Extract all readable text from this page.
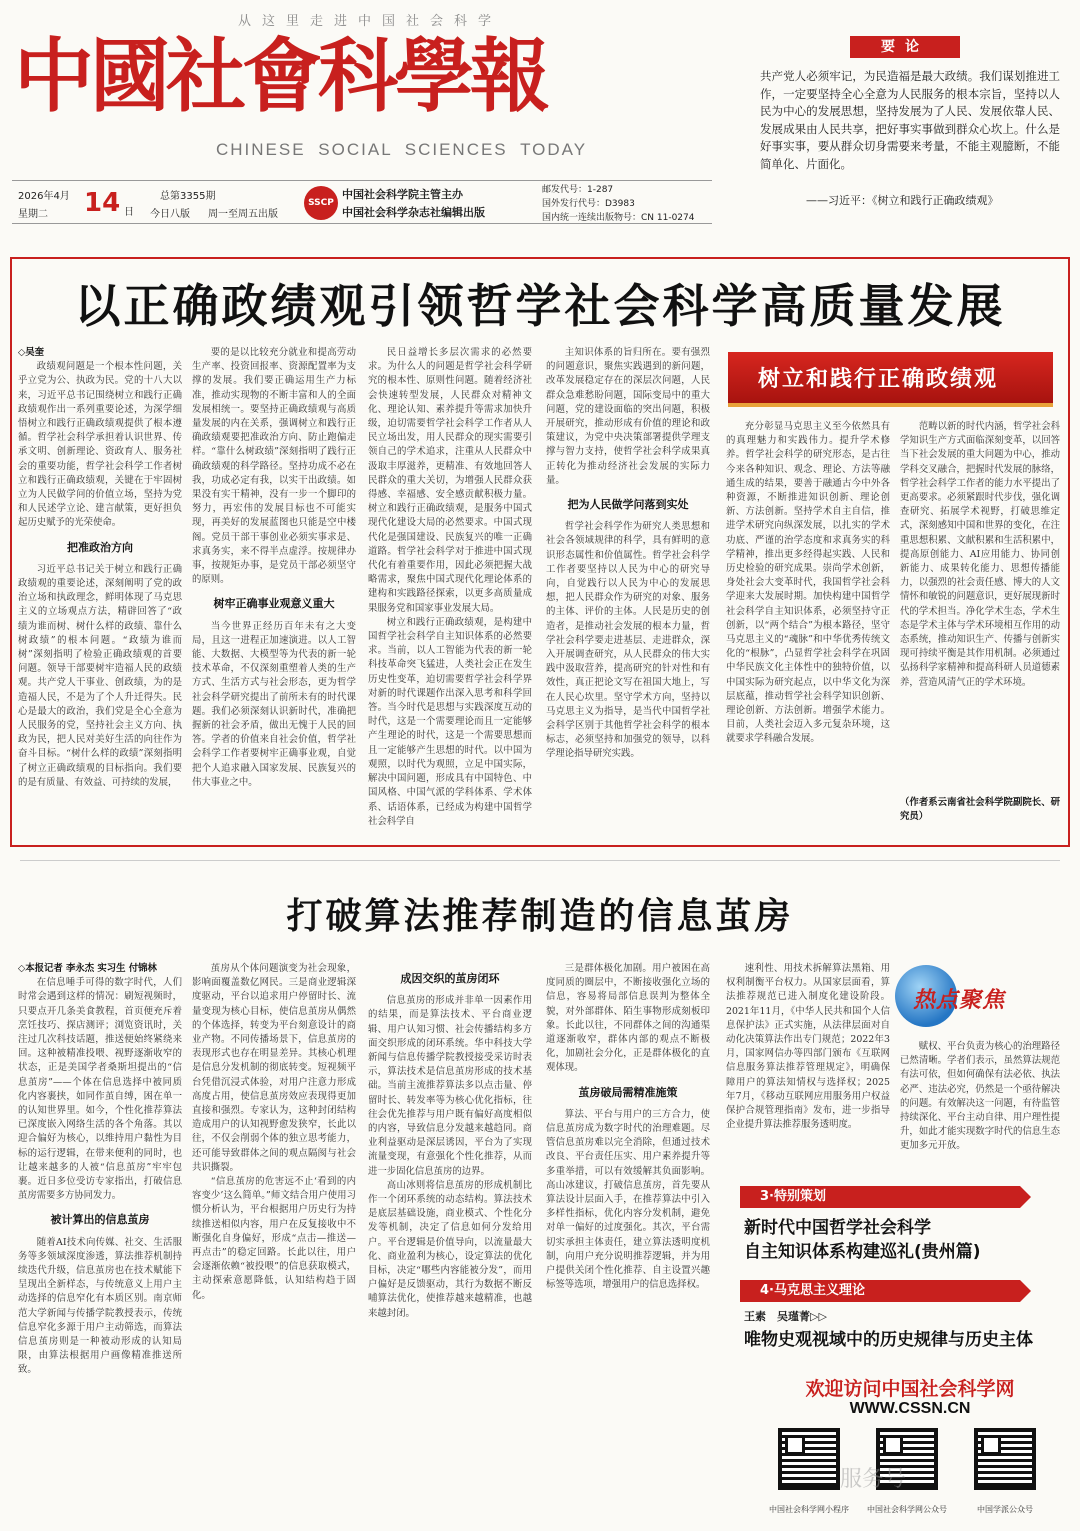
从这里走进中国社会科学
中國社會科學報
CHINESE SOCIAL SCIENCES TODAY
2026年4月
星期二 14 日
总第3355期
今日八版 周一至周五出版
SSCP
中国社会科学院主管主办
中国社会科学杂志社编辑出版
邮发代号：1-287
国外发行代号：D3983
国内统一连续出版物号：CN 11-0274
要论
共产党人必须牢记，为民造福是最大政绩。我们谋划推进工作，一定要坚持全心全意为人民服务的根本宗旨，坚持以人民为中心的发展思想，坚持发展为了人民、发展依靠人民、发展成果由人民共享，把好事实事做到群众心坎上。什么是好事实事，要从群众切身需要来考量，不能主观臆断，不能简单化、片面化。
——习近平：《树立和践行正确政绩观》
以正确政绩观引领哲学社会科学高质量发展

◇吴奎

政绩观问题是一个根本性问题，关乎立党为公、执政为民。党的十八大以来，习近平总书记围绕树立和践行正确政绩观作出一系列重要论述，为深学细悟树立和践行正确政绩观提供了根本遵循。哲学社会科学承担着认识世界、传承文明、创新理论、资政育人、服务社会的重要功能，哲学社会科学工作者树立和践行正确政绩观，关键在于牢固树立为人民做学问的价值立场，坚持为党和人民述学立论、建言献策，更好担负起历史赋予的光荣使命。

把准政治方向

习近平总书记关于树立和践行正确政绩观的重要论述，深刻阐明了党的政治立场和执政理念，鲜明体现了马克思主义的立场观点方法，精辟回答了“政绩为谁而树、树什么样的政绩、靠什么树政绩”的根本问题。“政绩为谁而树”深刻指明了检验正确政绩观的首要问题。领导干部要树牢造福人民的政绩观。共产党人干事业、创政绩，为的是造福人民，不是为了个人升迁得失。民心是最大的政治，我们党是全心全意为人民服务的党，坚持社会主义方向、执政为民，把人民对美好生活的向往作为奋斗目标。“树什么样的政绩”深刻指明了树立正确政绩观的目标指向。我们要的是有质量、有效益、可持续的发展，

要的是以比较充分就业和提高劳动生产率、投资回报率、资源配置率为支撑的发展。我们要正确运用生产力标准，推动实现物的不断丰富和人的全面发展相统一。要坚持正确政绩观与高质量发展的内在关系，强调树立和践行正确政绩观要把准政治方向、防止跑偏走样。“靠什么树政绩”深刻指明了践行正确政绩观的科学路径。坚持功成不必在我，功成必定有我，以实干出政绩。如果没有实干精神，没有一步一个脚印的努力，再宏伟的发展目标也不可能实现，再美好的发展蓝图也只能是空中楼阁。党员干部干事创业必须实事求是、求真务实，来不得半点虚浮。按规律办事，按规矩办事，是党员干部必须坚守的原则。

树牢正确事业观意义重大

当今世界正经历百年未有之大变局，且这一进程正加速演进。以人工智能、大数据、大模型等为代表的新一轮技术革命，不仅深刻重塑着人类的生产方式、生活方式与社会形态，更为哲学社会科学研究提出了前所未有的时代课题。我们必须深刻认识新时代，准确把握新的社会矛盾，做出无愧于人民的回答。学者的价值来自社会价值，哲学社会科学工作者要树牢正确事业观，自觉把个人追求融入国家发展、民族复兴的伟大事业之中。

民日益增长多层次需求的必然要求。为什么人的问题是哲学社会科学研究的根本性、原则性问题。随着经济社会快速转型发展，人民群众对精神文化、理论认知、素养提升等需求加快升级，迫切需要哲学社会科学工作者从人民立场出发，用人民群众的现实需要引领自己的学术追求，注重从人民群众中汲取丰厚滋养，更精准、有效地回答人民群众的重大关切，为增强人民群众获得感、幸福感、安全感贡献积极力量。树立和践行正确政绩观，是服务中国式现代化建设大局的必然要求。中国式现代化是强国建设、民族复兴的唯一正确道路。哲学社会科学对于推进中国式现代化有着重要作用，因此必须把握大战略需求，聚焦中国式现代化理论体系的建构和实践路径探索，以更多高质量成果服务党和国家事业发展大局。

树立和践行正确政绩观，是构建中国哲学社会科学自主知识体系的必然要求。当前，以人工智能为代表的新一轮科技革命突飞猛进，人类社会正在发生历史性变革，迫切需要哲学社会科学界对新的时代课题作出深入思考和科学回答。当今时代是思想与实践深度互动的时代，这是一个需要理论而且一定能够产生理论的时代，这是一个需要思想而且一定能够产生思想的时代。以中国为观照，以时代为观照，立足中国实际，解决中国问题，形成具有中国特色、中国风格、中国气派的学科体系、学术体系、话语体系，已经成为构建中国哲学社会科学自

主知识体系的旨归所在。要有强烈的问题意识，聚焦实践遇到的新问题，改革发展稳定存在的深层次问题，人民群众急难愁盼问题，国际变局中的重大问题，党的建设面临的突出问题，积极开展研究，推动形成有价值的理论和政策建议，为党中央决策部署提供学理支撑与智力支持，使哲学社会科学成果真正转化为推动经济社会发展的实际力量。

把为人民做学问落到实处

哲学社会科学作为研究人类思想和社会各领域规律的科学，具有鲜明的意识形态属性和价值属性。哲学社会科学工作者要坚持以人民为中心的研究导向，自觉践行以人民为中心的发展思想，把人民群众作为研究的对象、服务的主体、评价的主体。人民是历史的创造者，是推动社会发展的根本力量，哲学社会科学要走进基层、走进群众，深入开展调查研究，从人民群众的伟大实践中汲取营养，提高研究的针对性和有效性，真正把论文写在祖国大地上，写在人民心坎里。坚守学术方向，坚持以马克思主义为指导，是当代中国哲学社会科学区别于其他哲学社会科学的根本标志，必须坚持和加强党的领导，以科学理论指导研究实践。

树立和践行正确政绩观

充分彰显马克思主义至今依然具有的真理魅力和实践伟力。提升学术修养。哲学社会科学的研究形态，是古往今来各种知识、观念、理论、方法等融通生成的结果，要善于融通古今中外各种资源，不断推进知识创新、理论创新、方法创新。坚持学术自主自信，推进学术研究向纵深发展，以扎实的学术功底、严谨的治学态度和求真务实的科学精神，推出更多经得起实践、人民和历史检验的研究成果。崇尚学术创新，身处社会大变革时代，我国哲学社会科学迎来大发展时期。加快构建中国哲学社会科学自主知识体系，必须坚持守正创新，以“两个结合”为根本路径，坚守马克思主义的“魂脉”和中华优秀传统文化的“根脉”，凸显哲学社会科学在巩固中华民族文化主体性中的独特价值，以中国实际为研究起点，以中华文化为深层底蕴，推动哲学社会科学知识创新、理论创新、方法创新。增强学术能力。目前，人类社会迈入多元复杂环境，这就要求学科融合发展。

范畴以新的时代内涵，哲学社会科学知识生产方式面临深刻变革，以回答当下社会发展的重大问题为中心，推动学科交叉融合，把握时代发展的脉络，哲学社会科学工作者的能力水平提出了更高要求。必须紧跟时代步伐，强化调查研究、拓展学术视野，打破思维定式，深刻感知中国和世界的变化，在注重思想积累、文献积累和生活积累中，提高原创能力、AI应用能力、协同创新能力、成果转化能力、思想传播能力，以强烈的社会责任感、博大的人文情怀和敏锐的问题意识，更好展现新时代的学术担当。净化学术生态，学术生态是学术主体与学术环境相互作用的动态系统，推动知识生产、传播与创新实现可持续平衡是其作用机制。必须通过弘扬科学家精神和提高科研人员道德素养，营造风清气正的学术环境。

（作者系云南省社会科学院副院长、研究员）

打破算法推荐制造的信息茧房

◇本报记者 李永杰 实习生 付锦林

在信息唾手可得的数字时代，人们时常会遇到这样的情况：刷短视频时，只要点开几条美食教程，首页便充斥着烹饪技巧、探店测评；浏览资讯时，关注过几次科技话题，推送便始终紧绕来回。这种被精准投喂、视野逐渐收窄的状态，正是美国学者桑斯坦提出的“信息茧房”——个体在信息选择中被同质化内容裹挟，如同作茧自缚，困在单一的认知世界里。如今，个性化推荐算法已深度嵌入网络生活的各个角落。其以迎合偏好为核心，以维持用户黏性为目标的运行逻辑，在带来便利的同时，也让越来越多的人被“信息茧房”牢牢包裹。近日多位受访专家指出，打破信息茧房需要多方协同发力。

被计算出的信息茧房

随着AI技术向传媒、社交、生活服务等多领域深度渗透，算法推荐机制持续迭代升级，信息茧房也在技术赋能下呈现出全新样态，与传统意义上用户主动选择的信息窄化有本质区别。南京师范大学新闻与传播学院教授表示，传统信息窄化多源于用户主动筛选，而算法信息茧房则是一种被动形成的认知局限，由算法根据用户画像精准推送所致。

茧房从个体问题演变为社会现象，影响面覆盖数亿网民。三是商业逻辑深度驱动，平台以追求用户停留时长、流量变现为核心目标，使信息茧房从偶然的个体选择，转变为平台刻意设计的商业产物。不同传播场景下，信息茧房的表现形式也存在明显差异。其核心机理是信息分发机制的彻底转变。短视频平台凭借沉浸式体验，对用户注意力形成高度占用，使信息茧房效应表现得更加直接和强烈。专家认为，这种封闭结构造成用户的认知视野愈发狭窄，长此以往，不仅会削弱个体的独立思考能力，还可能导致群体之间的观点隔阂与社会共识撕裂。

“信息茧房的危害远不止‘看到的内容变少’这么简单。”师文结合用户使用习惯分析认为，平台根据用户历史行为持续推送相似内容，用户在反复接收中不断强化自身偏好，形成“点击—推送—再点击”的稳定回路。长此以往，用户会逐渐依赖“被投喂”的信息获取模式，主动探索意愿降低，认知结构趋于固化。

成因交织的茧房闭环

信息茧房的形成并非单一因素作用的结果，而是算法技术、平台商业逻辑、用户认知习惯、社会传播结构多方面交织形成的闭环系统。华中科技大学新闻与信息传播学院教授接受采访时表示，算法技术是信息茧房形成的技术基础。当前主流推荐算法多以点击量、停留时长、转发率等为核心优化指标，往往会优先推荐与用户既有偏好高度相似的内容，导致信息分发越来越趋同。商业利益驱动是深层诱因，平台为了实现流量变现，有意强化个性化推荐，从而进一步固化信息茧房的边界。

高山冰则将信息茧房的形成机制比作一个闭环系统的动态结构。算法技术是底层基础设施，商业模式、个性化分发等机制，决定了信息如何分发给用户。平台逻辑是价值导向，以流量最大化、商业盈利为核心，设定算法的优化目标，决定“哪些内容能被分发”，而用户偏好是反馈驱动，其行为数据不断反哺算法优化，使推荐越来越精准，也越来越封闭。

三是群体极化加剧。用户被困在高度同质的圈层中，不断接收强化立场的信息，容易将局部信息误判为整体全貌，对外部群体、陌生事物形成刻板印象。长此以往，不同群体之间的沟通渠道逐渐收窄，群体内部的观点不断极化，加剧社会分化，正是群体极化的直观体现。

茧房破局需精准施策

算法、平台与用户的三方合力，使信息茧房成为数字时代的治理难题。尽管信息茧房难以完全消除，但通过技术改良、平台责任压实、用户素养提升等多重举措，可以有效缓解其负面影响。高山冰建议，打破信息茧房，首先要从算法设计层面入手，在推荐算法中引入多样性指标，优化内容分发机制，避免对单一偏好的过度强化。其次，平台需切实承担主体责任，建立算法透明度机制，向用户充分说明推荐逻辑，并为用户提供关闭个性化推荐、自主设置兴趣标签等选项，增强用户的信息选择权。

速利性、用技术拆解算法黑箱、用权利制衡平台权力。从国家层面看，算法推荐规范已进入制度化建设阶段。2021年11月，《中华人民共和国个人信息保护法》正式实施，从法律层面对自动化决策算法作出专门规范；2022年3月，国家网信办等四部门颁布《互联网信息服务算法推荐管理规定》，明确保障用户的算法知情权与选择权；2025年7月，《移动互联网应用服务用户权益保护合规管理指南》发布，进一步指导企业提升算法推荐服务透明度。

赋权、平台负责为核心的治理路径已然清晰。学者们表示，虽然算法规范有法可依，但如何确保有法必依、执法必严、违法必究，仍然是一个亟待解决的问题。有效解决这一问题，有待监管持续深化、平台主动自律、用户理性提升，如此才能实现数字时代的信息生态更加多元开放。

热点聚焦
3·特别策划
新时代中国哲学社会科学
自主知识体系构建巡礼(贵州篇)
4·马克思主义理论
王素　吴瑾菁▷▷
唯物史观视域中的历史规律与历史主体
欢迎访问中国社会科学网
WWW.CSSN.CN
中国社会科学网小程序	中国社会科学网公众号	中国学派公众号
服务号
